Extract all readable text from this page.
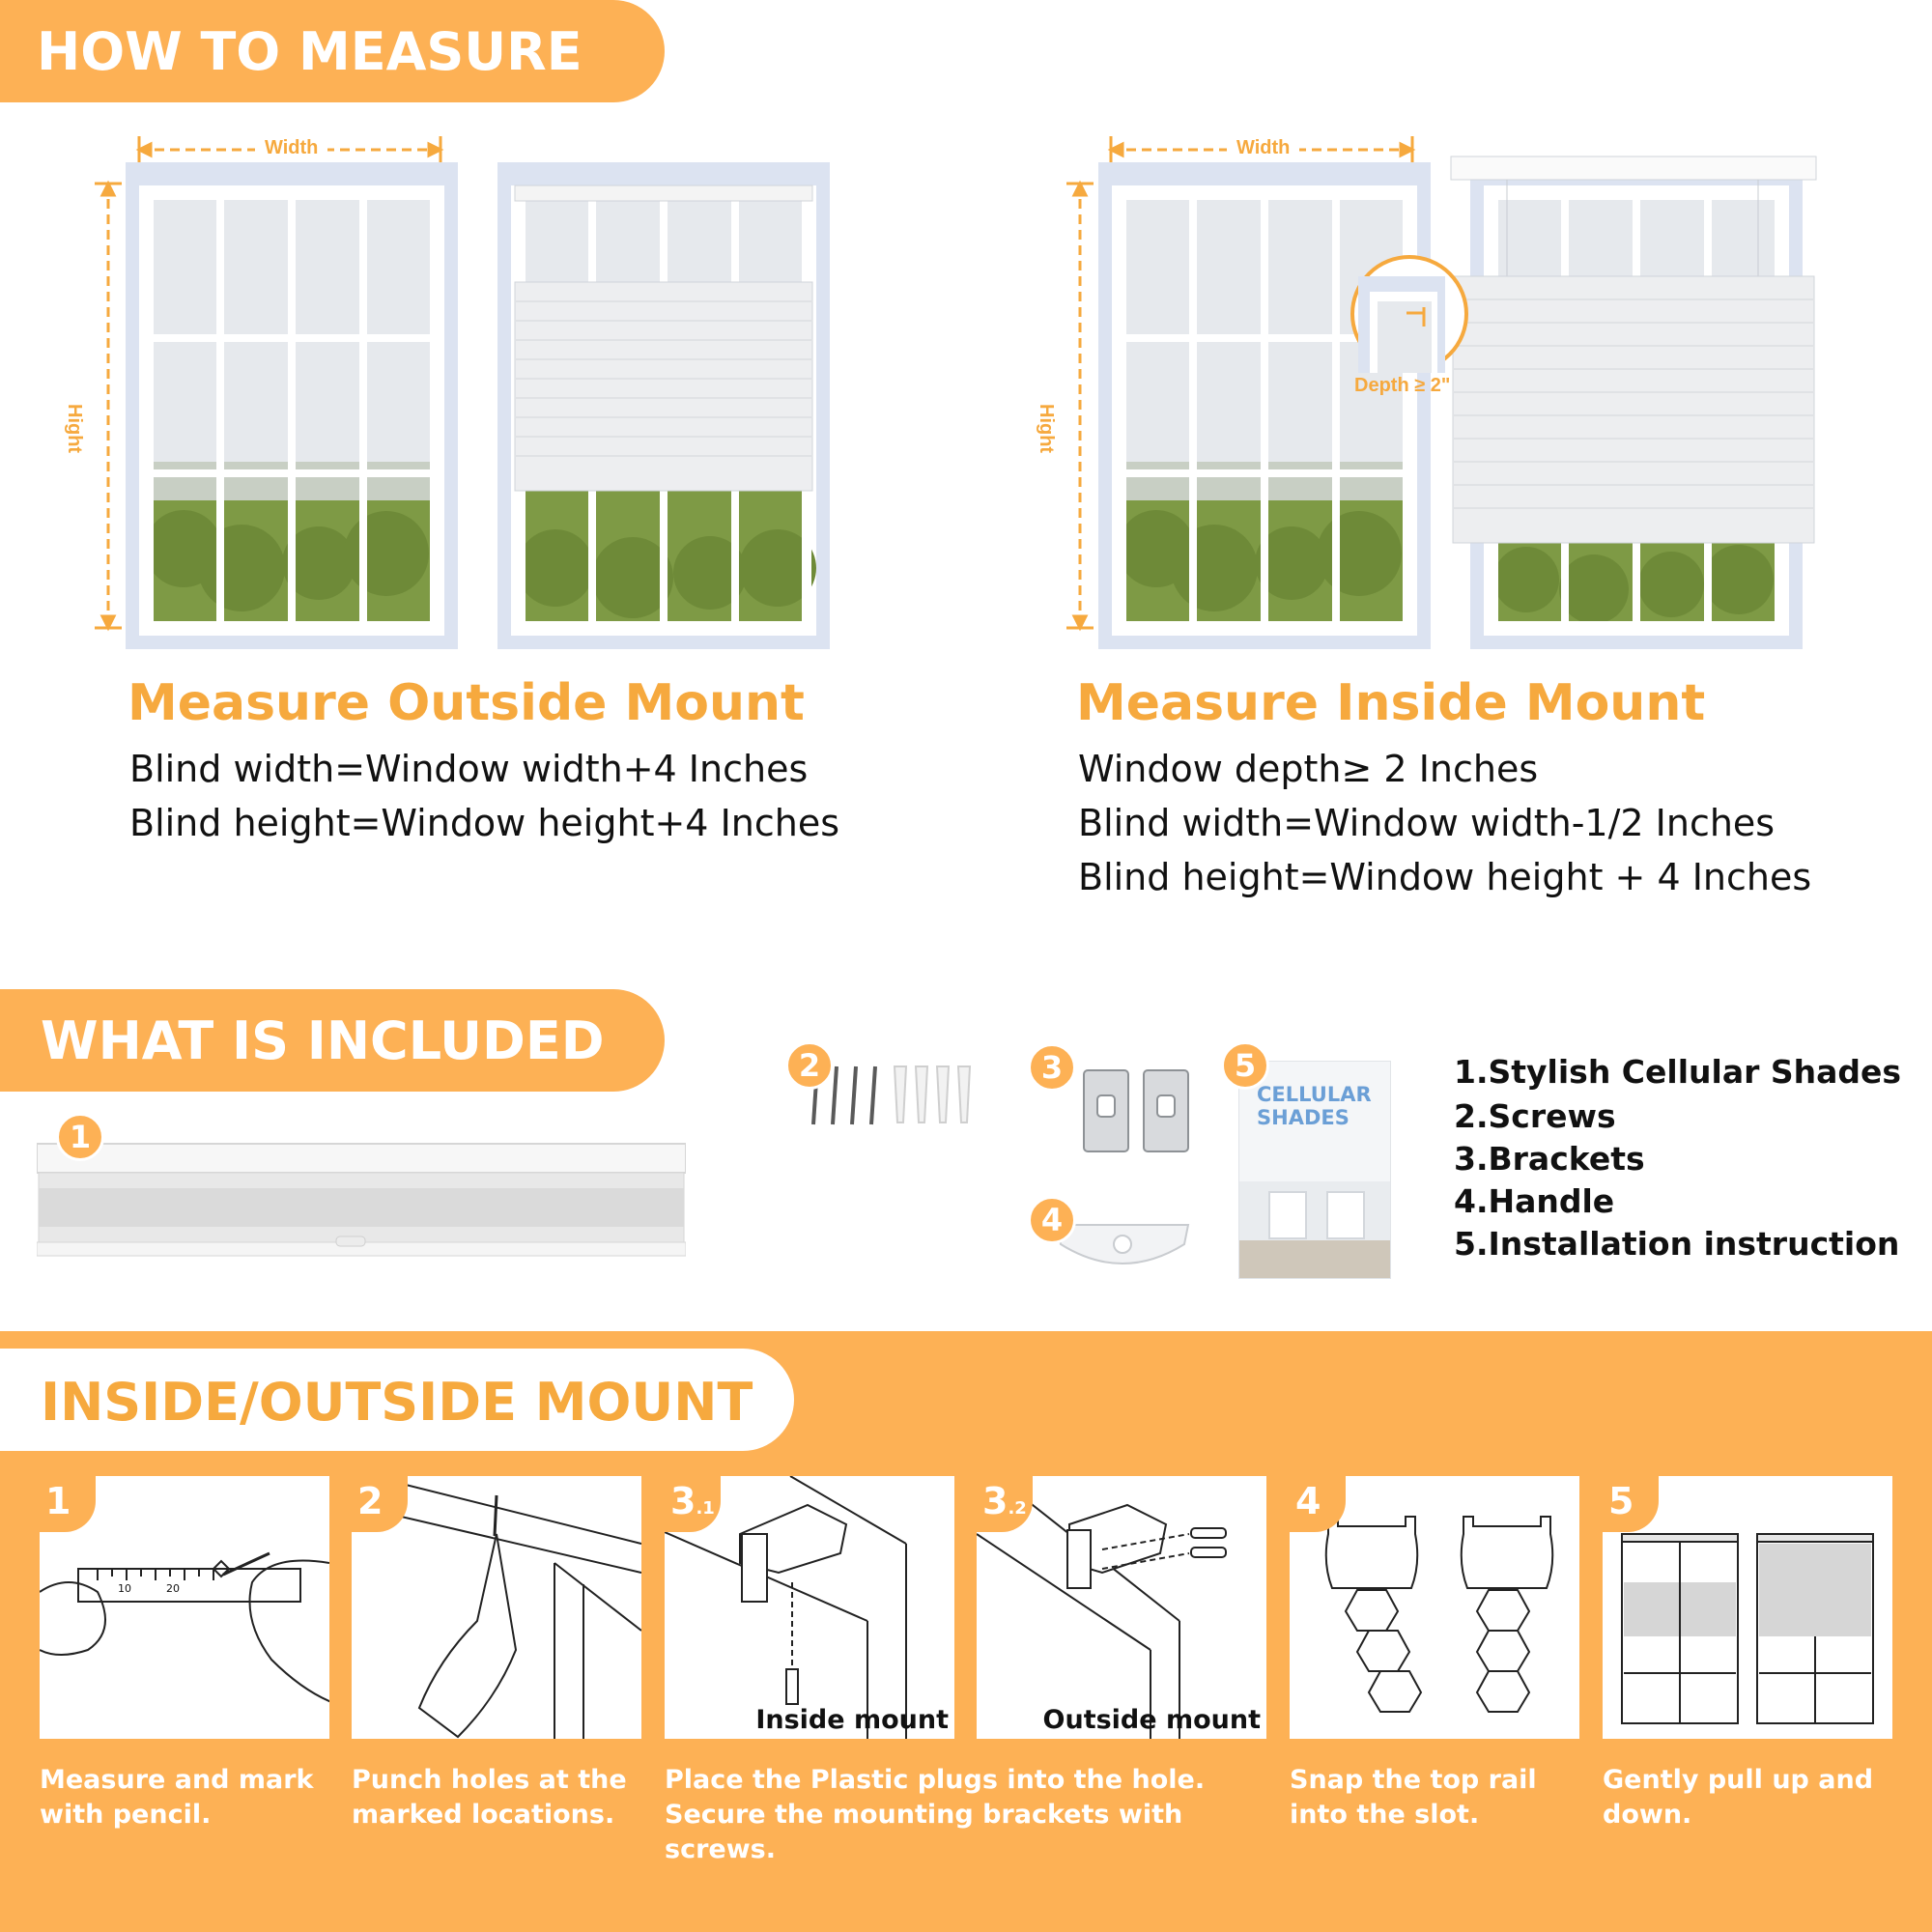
HOW TO MEASURE
Width
Hight
Measure Outside Mount
Blind width=Window width+4 Inches
Blind height=Window height+4 Inches
Width
Hight
Depth ≥ 2"
Measure Inside Mount
Window depth≥ 2 Inches
Blind width=Window width-1/2 Inches
Blind height=Window height + 4 Inches
WHAT IS INCLUDED
1
2	3
4
CELLULAR
SHADES
5	1.Stylish Cellular Shades
2.Screws
3.Brackets
4.Handle
5.Installation instruction
INSIDE/OUTSIDE MOUNT
10	20
1
Measure and mark
with pencil.
2
Punch holes at the
marked locations.
Inside mount
3.1
Place the Plastic plugs into the hole.
Secure the mounting brackets with screws.
Outside mount
3.2	4
Snap the top rail
into the slot.
5
Gently pull up and
down.
